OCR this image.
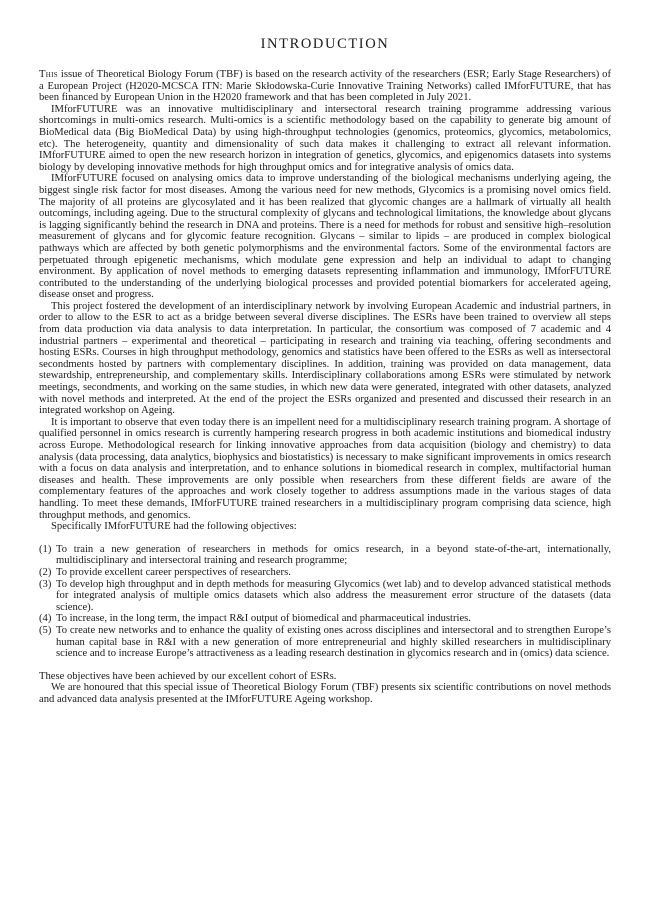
INTRODUCTION

This issue of Theoretical Biology Forum (TBF) is based on the research activity of the researchers (ESR; Early Stage Researchers) of a European Project (H2020-MCSCA ITN: Marie Skłodowska-Curie Innovative Training Networks) called IMforFUTURE, that has been financed by European Union in the H2020 framework and that has been completed in July 2021.

IMforFUTURE was an innovative multidisciplinary and intersectoral research training programme addressing various shortcomings in multi-omics research. Multi-omics is a scientific methodology based on the capability to generate big amount of BioMedical data (Big BioMedical Data) by using high-throughput technologies (genomics, proteomics, glycomics, metabolomics, etc). The heterogeneity, quantity and dimensionality of such data makes it challenging to extract all relevant information. IMforFUTURE aimed to open the new research horizon in integration of genetics, glycomics, and epigenomics datasets into systems biology by developing innovative methods for high throughput omics and for integrative analysis of omics data.

IMforFUTURE focused on analysing omics data to improve understanding of the biological mechanisms underlying ageing, the biggest single risk factor for most diseases. Among the various need for new methods, Glycomics is a promising novel omics field. The majority of all proteins are glycosylated and it has been realized that glycomic changes are a hallmark of virtually all health outcomings, including ageing. Due to the structural complexity of glycans and technological limitations, the knowledge about glycans is lagging significantly behind the research in DNA and proteins. There is a need for methods for robust and sensitive high–resolution measurement of glycans and for glycomic feature recognition. Glycans – similar to lipids – are produced in complex biological pathways which are affected by both genetic polymorphisms and the environmental factors. Some of the environmental factors are perpetuated through epigenetic mechanisms, which modulate gene expression and help an individual to adapt to changing environment. By application of novel methods to emerging datasets representing inflammation and immunology, IMforFUTURE contributed to the understanding of the underlying biological processes and provided potential biomarkers for accelerated ageing, disease onset and progress.

This project fostered the development of an interdisciplinary network by involving European Academic and industrial partners, in order to allow to the ESR to act as a bridge between several diverse disciplines. The ESRs have been trained to overview all steps from data production via data analysis to data interpretation. In particular, the consortium was composed of 7 academic and 4 industrial partners – experimental and theoretical – participating in research and training via teaching, offering secondments and hosting ESRs. Courses in high throughput methodology, genomics and statistics have been offered to the ESRs as well as intersectoral secondments hosted by partners with complementary disciplines. In addition, training was provided on data management, data stewardship, entrepreneurship, and complementary skills. Interdisciplinary collaborations among ESRs were stimulated by network meetings, secondments, and working on the same studies, in which new data were generated, integrated with other datasets, analyzed with novel methods and interpreted. At the end of the project the ESRs organized and presented and discussed their research in an integrated workshop on Ageing.

It is important to observe that even today there is an impellent need for a multidisciplinary research training program. A shortage of qualified personnel in omics research is currently hampering research progress in both academic institutions and biomedical industry across Europe. Methodological research for linking innovative approaches from data acquisition (biology and chemistry) to data analysis (data processing, data analytics, biophysics and biostatistics) is necessary to make significant improvements in omics research with a focus on data analysis and interpretation, and to enhance solutions in biomedical research in complex, multifactorial human diseases and health. These improvements are only possible when researchers from these different fields are aware of the complementary features of the approaches and work closely together to address assumptions made in the various stages of data handling. To meet these demands, IMforFUTURE trained researchers in a multidisciplinary program comprising data science, high throughput methods, and genomics.

Specifically IMforFUTURE had the following objectives:

(1) To train a new generation of researchers in methods for omics research, in a beyond state-of-the-art, internationally, multidisciplinary and intersectoral training and research programme;
(2) To provide excellent career perspectives of researchers.
(3) To develop high throughput and in depth methods for measuring Glycomics (wet lab) and to develop advanced statistical methods for integrated analysis of multiple omics datasets which also address the measurement error structure of the datasets (data science).
(4) To increase, in the long term, the impact R&I output of biomedical and pharmaceutical industries.
(5) To create new networks and to enhance the quality of existing ones across disciplines and intersectoral and to strengthen Europe’s human capital base in R&I with a new generation of more entrepreneurial and highly skilled researchers in multidisciplinary science and to increase Europe’s attractiveness as a leading research destination in glycomics research and in (omics) data science.

These objectives have been achieved by our excellent cohort of ESRs.

We are honoured that this special issue of Theoretical Biology Forum (TBF) presents six scientific contributions on novel methods and advanced data analysis presented at the IMforFUTURE Ageing workshop.
